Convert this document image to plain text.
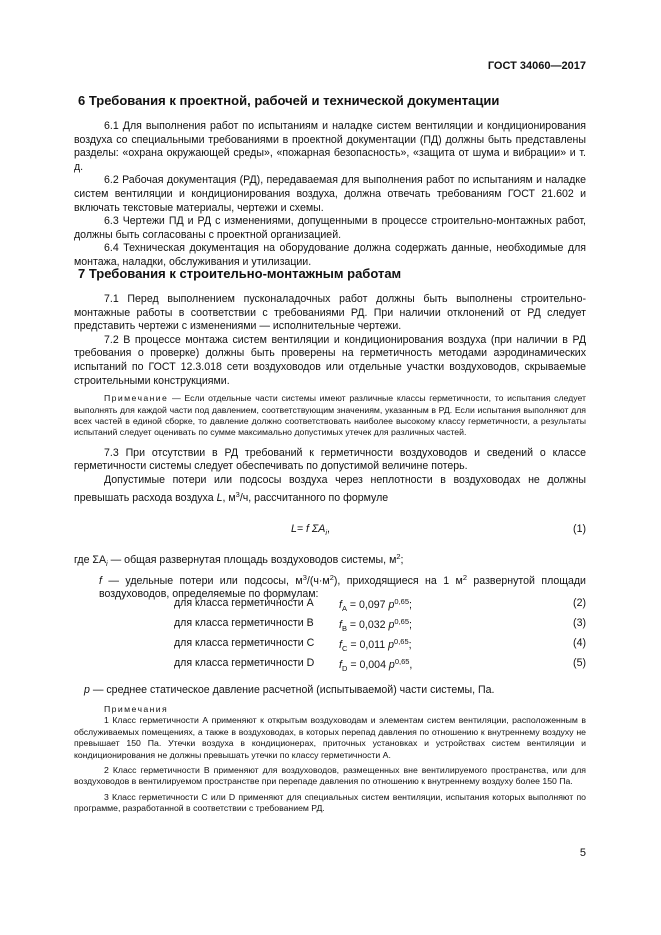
ГОСТ 34060—2017

6 Требования к проектной, рабочей и технической документации

6.1 Для выполнения работ по испытаниям и наладке систем вентиляции и кондиционирования воздуха со специальными требованиями в проектной документации (ПД) должны быть представлены разделы: «охрана окружающей среды», «пожарная безопасность», «защита от шума и вибрации» и т. д.

6.2 Рабочая документация (РД), передаваемая для выполнения работ по испытаниям и наладке систем вентиляции и кондиционирования воздуха, должна отвечать требованиям ГОСТ 21.602 и включать текстовые материалы, чертежи и схемы.

6.3 Чертежи ПД и РД с изменениями, допущенными в процессе строительно-монтажных работ, должны быть согласованы с проектной организацией.

6.4 Техническая документация на оборудование должна содержать данные, необходимые для монтажа, наладки, обслуживания и утилизации.

7 Требования к строительно-монтажным работам

7.1 Перед выполнением пусконаладочных работ должны быть выполнены строительно-монтажные работы в соответствии с требованиями РД. При наличии отклонений от РД следует представить чертежи с изменениями — исполнительные чертежи.

7.2 В процессе монтажа систем вентиляции и кондиционирования воздуха (при наличии в РД требования о проверке) должны быть проверены на герметичность методами аэродинамических испытаний по ГОСТ 12.3.018 сети воздуховодов или отдельные участки воздуховодов, скрываемые строительными конструкциями.

Примечание — Если отдельные части системы имеют различные классы герметичности, то испытания следует выполнять для каждой части под давлением, соответствующим значениям, указанным в РД. Если испытания выполняют для всех частей в единой сборке, то давление должно соответствовать наиболее высокому классу герметичности, а результаты испытаний следует оценивать по сумме максимально допустимых утечек для различных частей.

7.3 При отсутствии в РД требований к герметичности воздуховодов и сведений о классе герметичности системы следует обеспечивать по допустимой величине потерь.

Допустимые потери или подсосы воздуха через неплотности в воздуховодах не должны превышать расхода воздуха L, $м^3/ч$, рассчитанного по формуле

L= f $\Sigma A_i$,	(1)

где $\Sigma A_i$ — общая развернутая площадь воздуховодов системы, $м^2$;

f — удельные потери или подсосы, $м^3/(ч\cdot м^2)$, приходящиеся на 1 $м^2$ развернутой площади воздуховодов, определяемые по формулам:

для класса герметичности А $f_A = 0,097$ $p^{0,65}$;	(2)
для класса герметичности В $f_B = 0,032$ $p^{0,65}$;	(3)
для класса герметичности С $f_C = 0,011$ $p^{0,65}$;	(4)
для класса герметичности D $f_D = 0,004$ $p^{0,65}$,	(5)

p — среднее статическое давление расчетной (испытываемой) части системы, Па.

Примечания

1 Класс герметичности А применяют к открытым воздуховодам и элементам систем вентиляции, расположенным в обслуживаемых помещениях, а также в воздуховодах, в которых перепад давления по отношению к внутреннему воздуху не превышает 150 Па. Утечки воздуха в кондиционерах, приточных установках и устройствах систем вентиляции и кондиционирования не должны превышать утечки по классу герметичности А.

2 Класс герметичности В применяют для воздуховодов, размещенных вне вентилируемого пространства, или для воздуховодов в вентилируемом пространстве при перепаде давления по отношению к внутреннему воздуху более 150 Па.

3 Класс герметичности С или D применяют для специальных систем вентиляции, испытания которых выполняют по программе, разработанной в соответствии с требованием РД.

5
